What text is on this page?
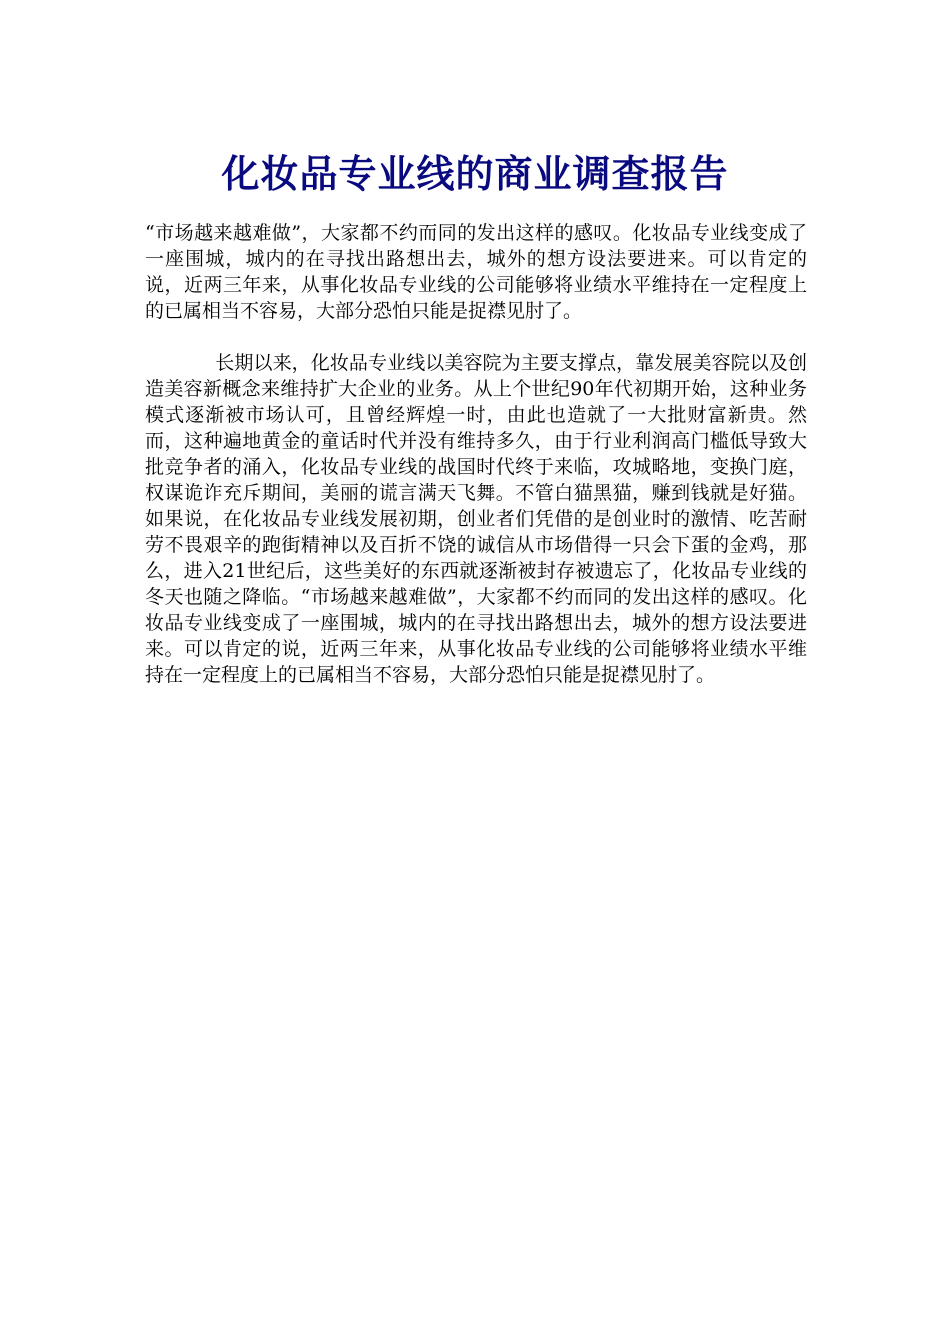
化妆品专业线的商业调查报告

“市场越来越难做”，大家都不约而同的发出这样的感叹。化妆品专业线变成了一座围城，城内的在寻找出路想出去，城外的想方设法要进来。可以肯定的说，近两三年来，从事化妆品专业线的公司能够将业绩水平维持在一定程度上的已属相当不容易，大部分恐怕只能是捉襟见肘了。

长期以来，化妆品专业线以美容院为主要支撑点，靠发展美容院以及创造美容新概念来维持扩大企业的业务。从上个世纪90年代初期开始，这种业务模式逐渐被市场认可，且曾经辉煌一时，由此也造就了一大批财富新贵。然而，这种遍地黄金的童话时代并没有维持多久，由于行业利润高门槛低导致大批竞争者的涌入，化妆品专业线的战国时代终于来临，攻城略地，变换门庭，权谋诡诈充斥期间，美丽的谎言满天飞舞。不管白猫黑猫，赚到钱就是好猫。如果说，在化妆品专业线发展初期，创业者们凭借的是创业时的激情、吃苦耐劳不畏艰辛的跑街精神以及百折不饶的诚信从市场借得一只会下蛋的金鸡，那么，进入21世纪后，这些美好的东西就逐渐被封存被遗忘了，化妆品专业线的冬天也随之降临。“市场越来越难做”，大家都不约而同的发出这样的感叹。化妆品专业线变成了一座围城，城内的在寻找出路想出去，城外的想方设法要进来。可以肯定的说，近两三年来，从事化妆品专业线的公司能够将业绩水平维持在一定程度上的已属相当不容易，大部分恐怕只能是捉襟见肘了。
